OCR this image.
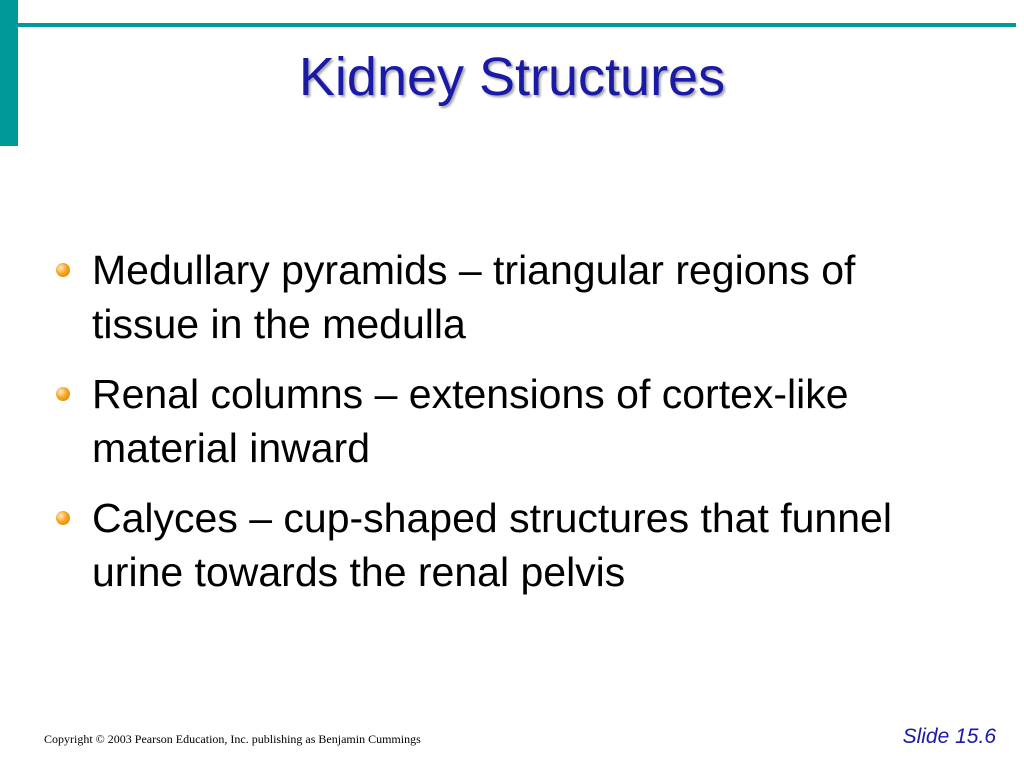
Kidney Structures
Medullary pyramids – triangular regions of tissue in the medulla
Renal columns – extensions of cortex-like material inward
Calyces – cup-shaped structures that funnel urine towards the renal pelvis
Copyright © 2003 Pearson Education, Inc. publishing as Benjamin Cummings	Slide 15.6
